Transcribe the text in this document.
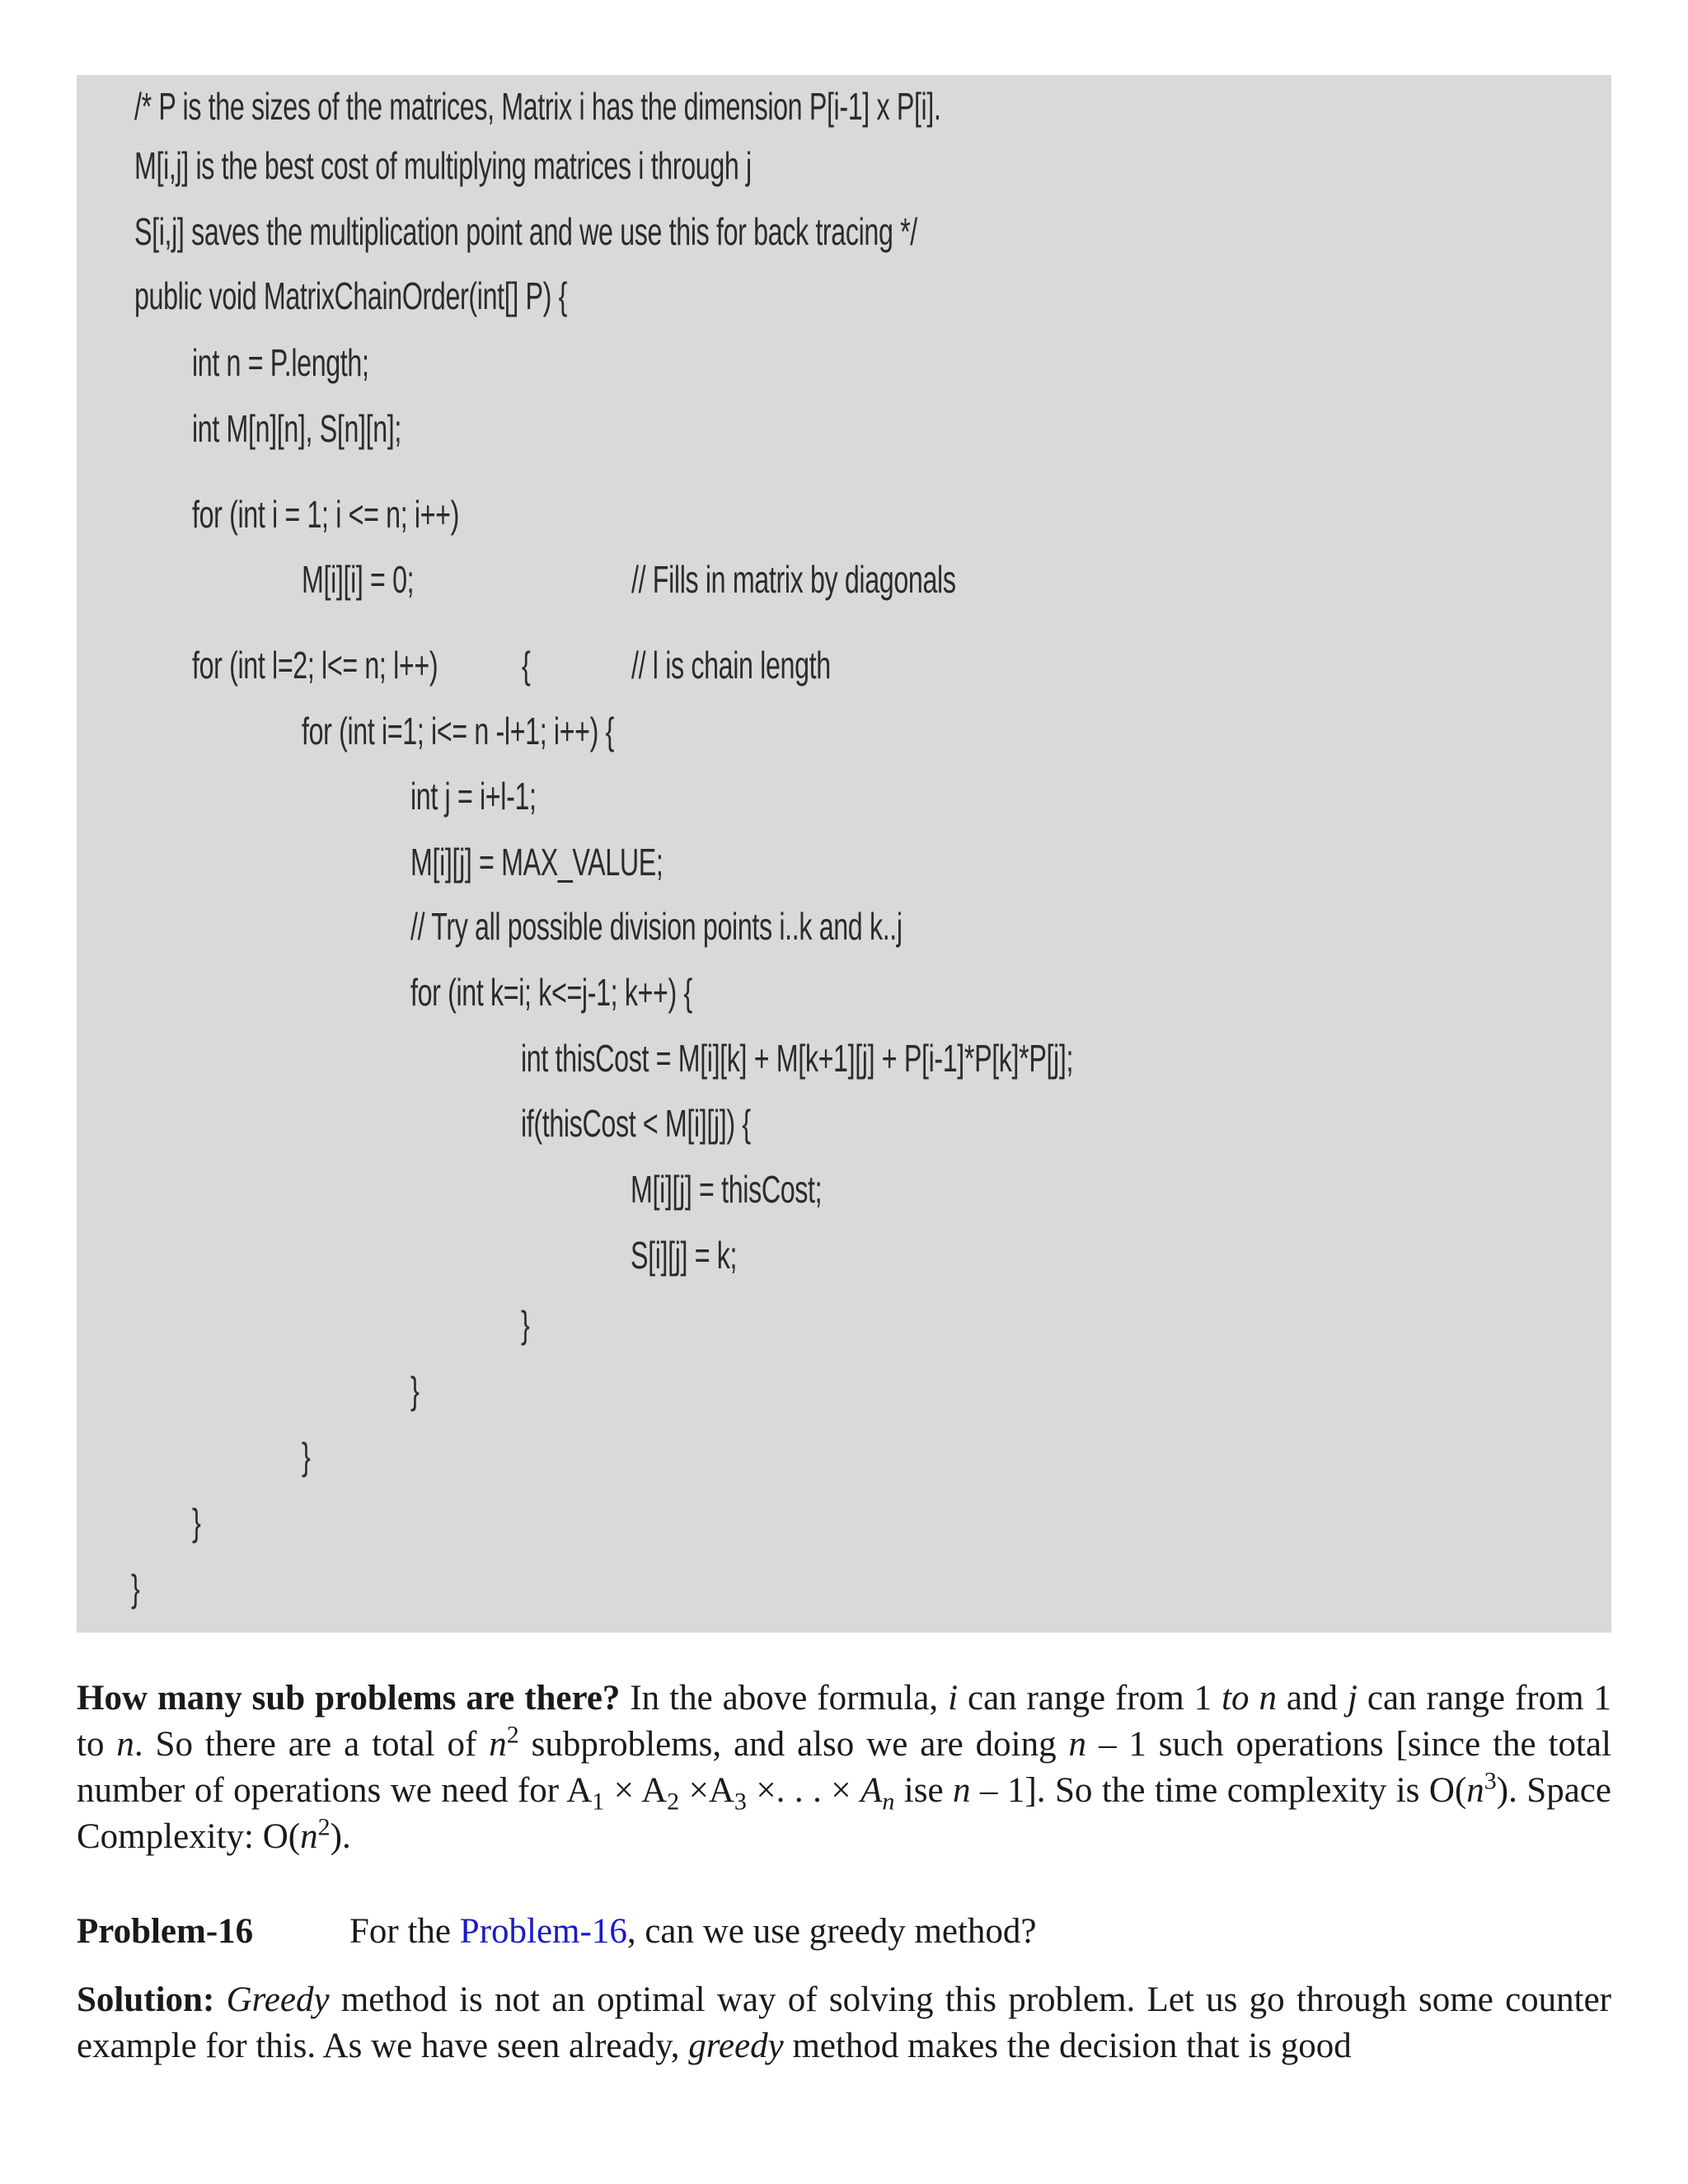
/* P is the sizes of the matrices, Matrix i has the dimension P[i-1] x P[i].
M[i,j] is the best cost of multiplying matrices i through j
S[i,j] saves the multiplication point and we use this for back tracing */
public void MatrixChainOrder(int[] P) {
int n = P.length;
int M[n][n], S[n][n];
for (int i = 1; i <= n; i++)
M[i][i] = 0;	// Fills in matrix by diagonals
for (int l=2; l<= n; l++) {	// l is chain length
for (int i=1; i<= n -l+1; i++) {
int j = i+l-1;
M[i][j] = MAX_VALUE;
// Try all possible division points i..k and k..j
for (int k=i; k<=j-1; k++) {
int thisCost = M[i][k] + M[k+1][j] + P[i-1]*P[k]*P[j];
if(thisCost < M[i][j]) {
M[i][j] = thisCost;
S[i][j] = k;
}
}
}
}
}
How many sub problems are there? In the above formula, i can range from 1 to n and j can range from 1 to n. So there are a total of $n^2$ subproblems, and also we are doing n – 1 such operations [since the total number of operations we need for $A_1 \times A_2 \times A_3$ ×. . . × $A_n$ ise n – 1]. So the time complexity is $O(n^3)$. Space Complexity: $O(n^2)$.
Problem-16	For the Problem-16, can we use greedy method?
Solution: Greedy method is not an optimal way of solving this problem. Let us go through some counter example for this. As we have seen already, greedy method makes the decision that is good
